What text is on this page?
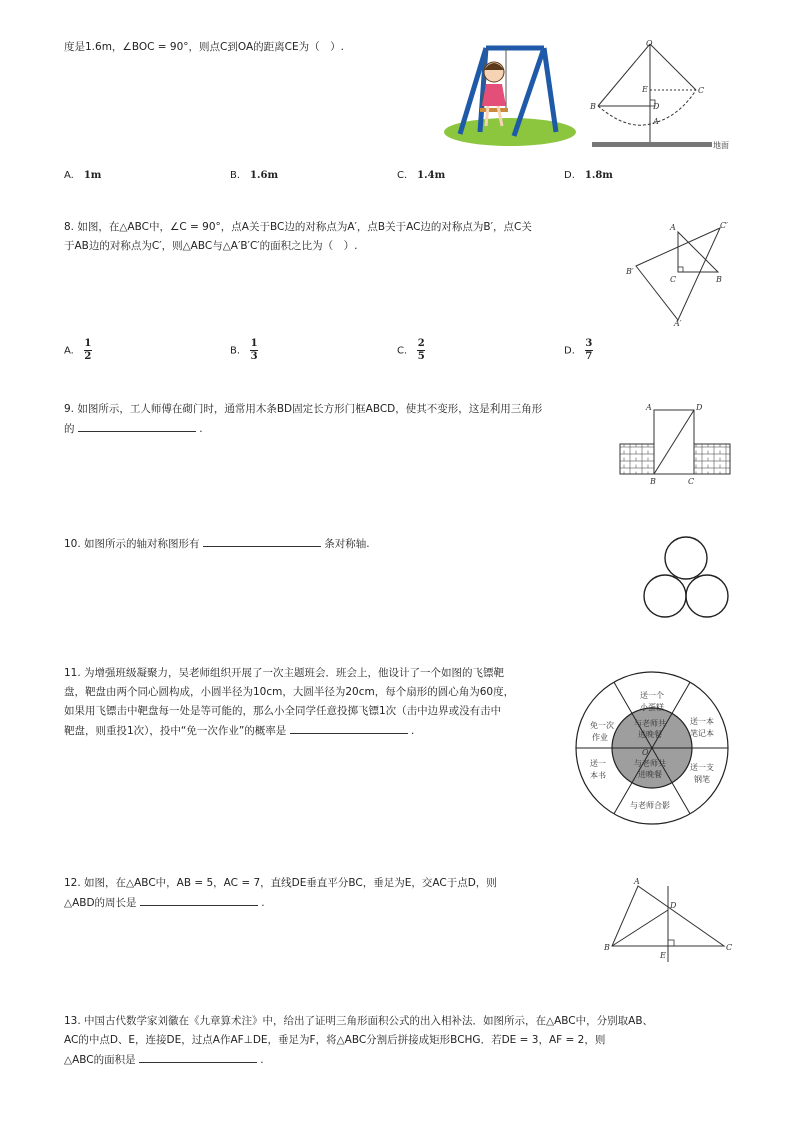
度是1.6m，∠BOC = 90°，则点C到OA的距离CE为（　）.	O
E	C
B	D
A
地面
A. 1m	B. 1.6m	C. 1.4m	D. 1.8m
8. 如图，在△ABC中，∠C = 90°，点A关于BC边的对称点为A′，点B关于AC边的对称点为B′，点C关
于AB边的对称点为C′，则△ABC与△A′B′C′的面积之比为（　）.
A	C′
B′
C	B
A′
A. $\frac{1}{2}$	B. $\frac{1}{3}$	C. $\frac{2}{5}$	D. $\frac{3}{7}$
9. 如图所示，工人师傅在砌门时，通常用木条BD固定长方形门框ABCD，使其不变形，这是利用三角形
的	.
A	D
B	C
10. 如图所示的轴对称图形有	条对称轴.
11. 为增强班级凝聚力，吴老师组织开展了一次主题班会．班会上，他设计了一个如图的飞镖靶
盘，靶盘由两个同心圆构成，小圆半径为10cm，大圆半径为20cm，每个扇形的圆心角为60度，
如果用飞镖击中靶盘每一处是等可能的，那么小全同学任意投掷飞镖1次（击中边界或没有击中
靶盘，则重投1次），投中“免一次作业”的概率是	.
送一个
小蛋糕
送一本
笔记本
送一支
钢笔
与老师合影
送一
本书
免一次
作业
与老师共
进晚餐
与老师共
进晚餐
O
12. 如图，在△ABC中，AB = 5，AC = 7，直线DE垂直平分BC，垂足为E，交AC于点D，则
△ABD的周长是	.
A
D
B
E
C
13. 中国古代数学家刘徽在《九章算术注》中，给出了证明三角形面积公式的出入相补法．如图所示，在△ABC中，分别取AB、
AC的中点D、E，连接DE，过点A作AF⊥DE，垂足为F，将△ABC分割后拼接成矩形BCHG．若DE = 3，AF = 2，则
△ABC的面积是	.
